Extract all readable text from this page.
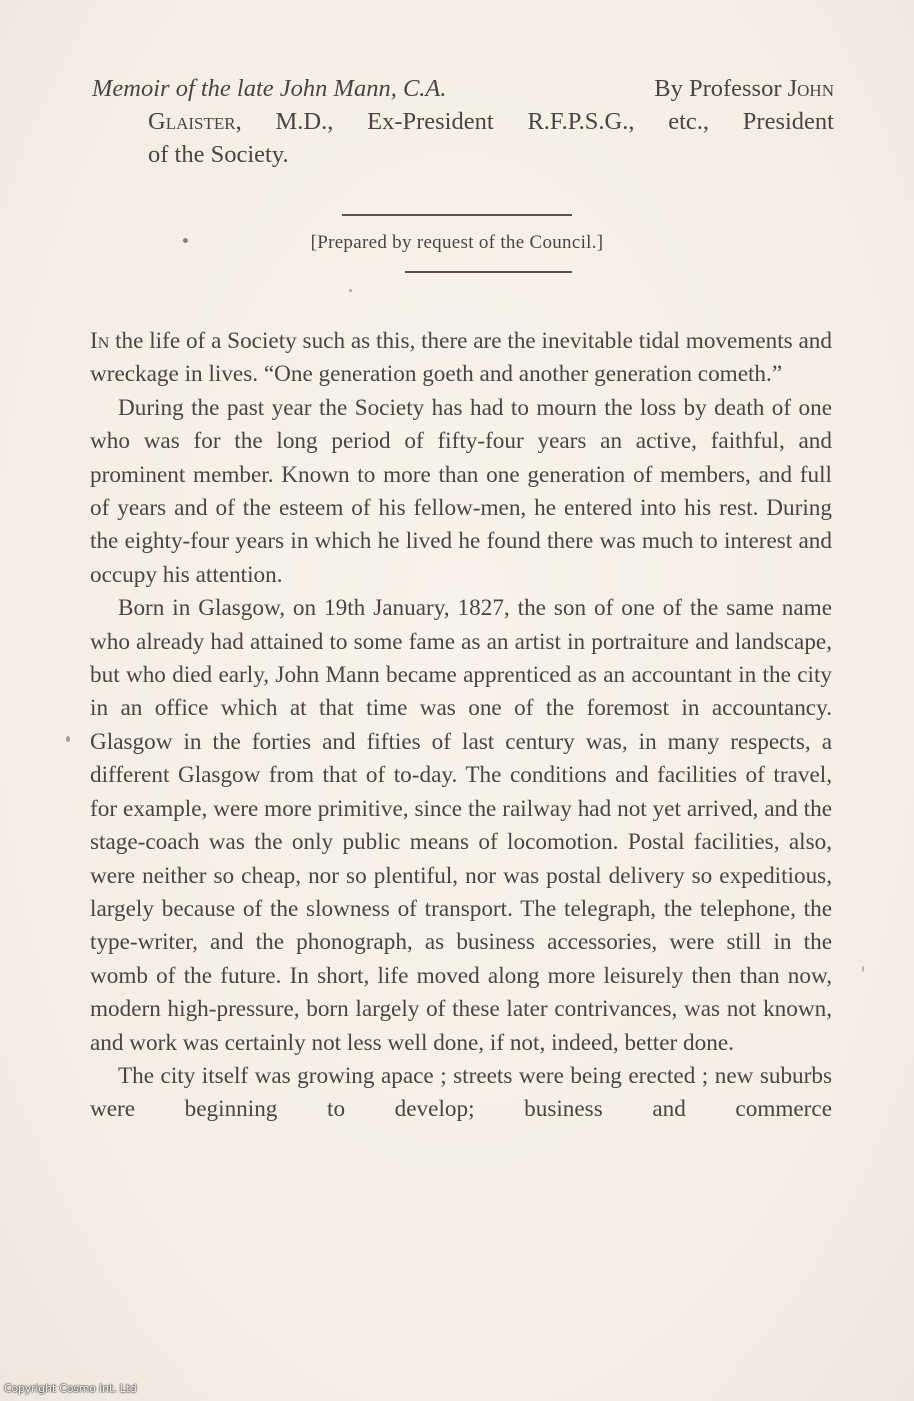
Memoir of the late John Mann, C.A.	By Professor John
Glaister, M.D., Ex-President R.F.P.S.G., etc., President
of the Society.
[Prepared by request of the Council.]

In the life of a Society such as this, there are the inevitable tidal movements and wreckage in lives. “One generation goeth and another generation cometh.”

During the past year the Society has had to mourn the loss by death of one who was for the long period of fifty-four years an active, faithful, and prominent member. Known to more than one generation of members, and full of years and of the esteem of his fellow-men, he entered into his rest. During the eighty-four years in which he lived he found there was much to interest and occupy his attention.

Born in Glasgow, on 19th January, 1827, the son of one of the same name who already had attained to some fame as an artist in portraiture and landscape, but who died early, John Mann became apprenticed as an accountant in the city in an office which at that time was one of the foremost in accountancy. Glasgow in the forties and fifties of last century was, in many respects, a different Glasgow from that of to-day. The conditions and facilities of travel, for example, were more primitive, since the railway had not yet arrived, and the stage-coach was the only public means of locomotion. Postal facilities, also, were neither so cheap, nor so plentiful, nor was postal delivery so expeditious, largely because of the slowness of transport. The telegraph, the telephone, the type-writer, and the phonograph, as business accessories, were still in the womb of the future. In short, life moved along more leisurely then than now, modern high-pressure, born largely of these later contrivances, was not known, and work was certainly not less well done, if not, indeed, better done.

The city itself was growing apace ; streets were being erected ; new suburbs were beginning to develop; business and commerce

Copyright Cosmo Int. Ltd
